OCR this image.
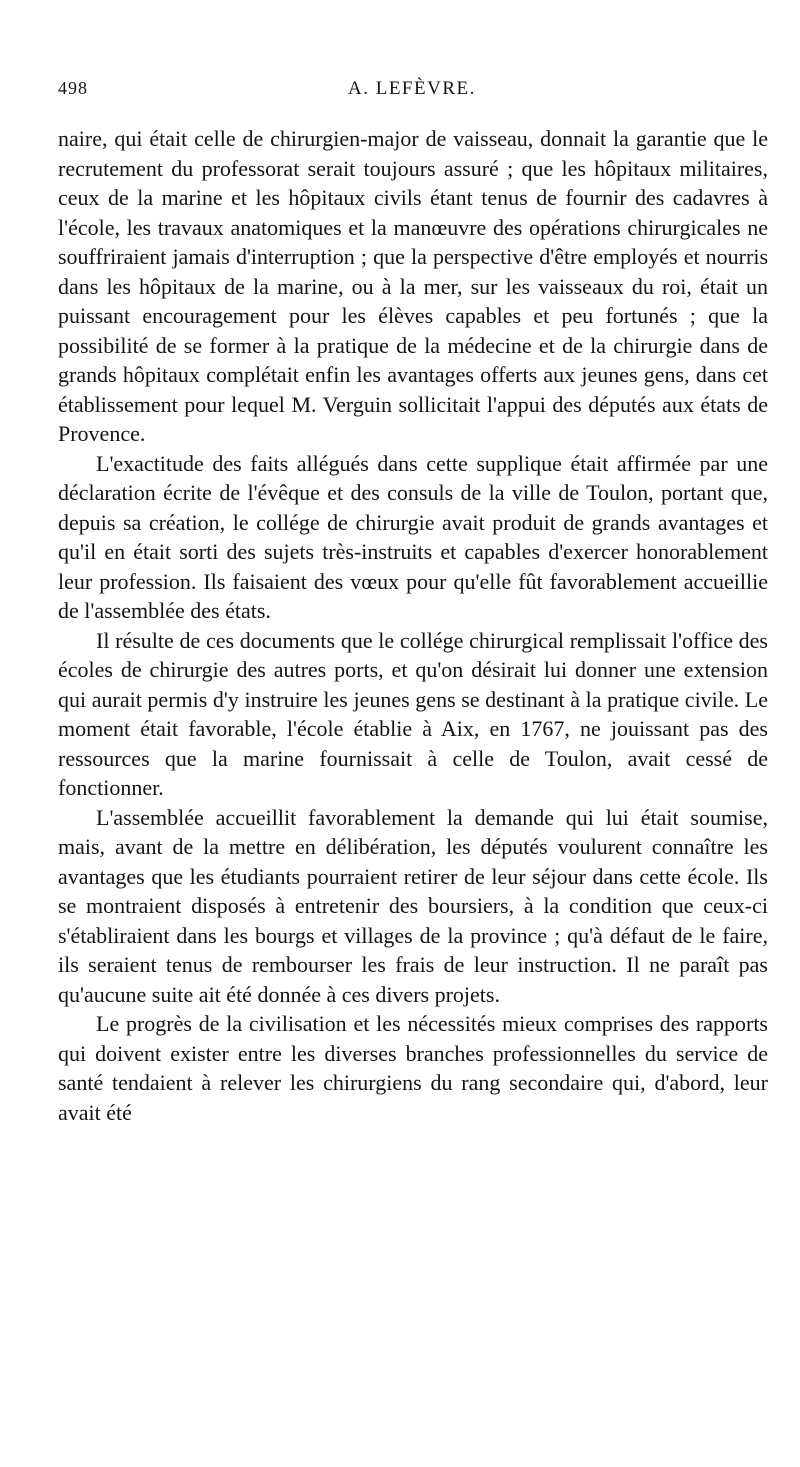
498	A. LEFÈVRE.

naire, qui était celle de chirurgien-major de vaisseau, donnait la garantie que le recrutement du professorat serait toujours assuré ; que les hôpitaux militaires, ceux de la marine et les hôpitaux civils étant tenus de fournir des cadavres à l'école, les travaux anatomiques et la manœuvre des opérations chirurgicales ne souffriraient jamais d'interruption ; que la perspective d'être employés et nourris dans les hôpitaux de la marine, ou à la mer, sur les vaisseaux du roi, était un puissant encouragement pour les élèves capables et peu fortunés ; que la possibilité de se former à la pratique de la médecine et de la chirurgie dans de grands hôpitaux complétait enfin les avantages offerts aux jeunes gens, dans cet établissement pour lequel M. Verguin sollicitait l'appui des députés aux états de Provence.

L'exactitude des faits allégués dans cette supplique était affirmée par une déclaration écrite de l'évêque et des consuls de la ville de Toulon, portant que, depuis sa création, le collége de chirurgie avait produit de grands avantages et qu'il en était sorti des sujets très-instruits et capables d'exercer honorablement leur profession. Ils faisaient des vœux pour qu'elle fût favorablement accueillie de l'assemblée des états.

Il résulte de ces documents que le collége chirurgical remplissait l'office des écoles de chirurgie des autres ports, et qu'on désirait lui donner une extension qui aurait permis d'y instruire les jeunes gens se destinant à la pratique civile. Le moment était favorable, l'école établie à Aix, en 1767, ne jouissant pas des ressources que la marine fournissait à celle de Toulon, avait cessé de fonctionner.

L'assemblée accueillit favorablement la demande qui lui était soumise, mais, avant de la mettre en délibération, les députés voulurent connaître les avantages que les étudiants pourraient retirer de leur séjour dans cette école. Ils se montraient disposés à entretenir des boursiers, à la condition que ceux-ci s'établiraient dans les bourgs et villages de la province ; qu'à défaut de le faire, ils seraient tenus de rembourser les frais de leur instruction. Il ne paraît pas qu'aucune suite ait été donnée à ces divers projets.

Le progrès de la civilisation et les nécessités mieux comprises des rapports qui doivent exister entre les diverses branches professionnelles du service de santé tendaient à relever les chirurgiens du rang secondaire qui, d'abord, leur avait été
